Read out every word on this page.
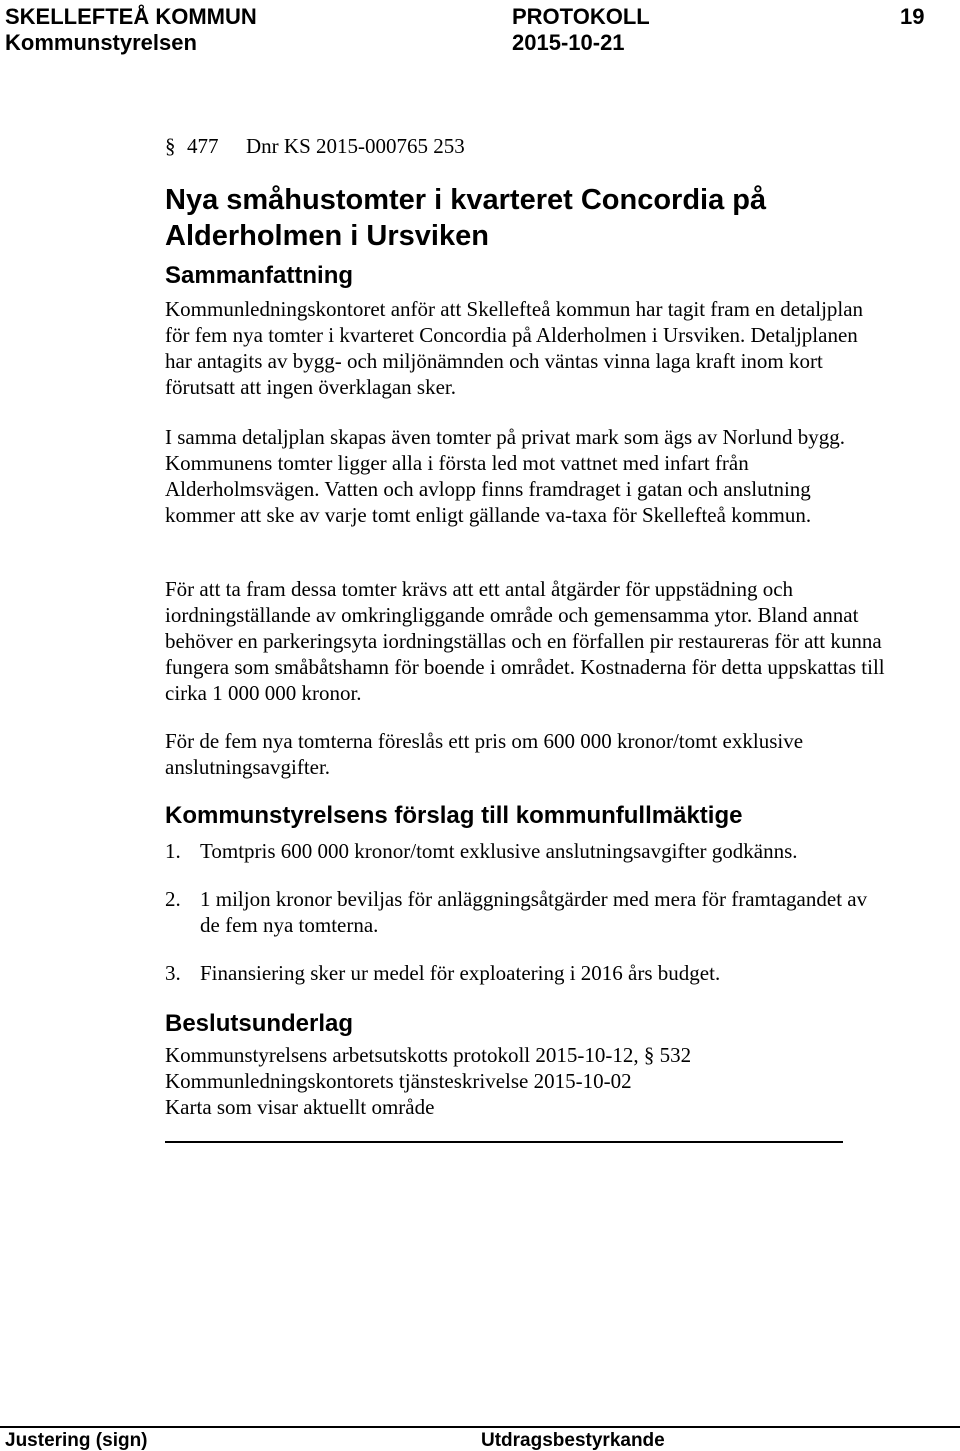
SKELLEFTEÅ KOMMUN
Kommunstyrelsen
PROTOKOLL
2015-10-21
19
§ 477 Dnr KS 2015-000765 253
Nya småhustomter i kvarteret Concordia på Alderholmen i Ursviken
Sammanfattning

Kommunledningskontoret anför att Skellefteå kommun har tagit fram en detaljplan för fem nya tomter i kvarteret Concordia på Alderholmen i Ursviken. Detaljplanen har antagits av bygg- och miljönämnden och väntas vinna laga kraft inom kort förutsatt att ingen överklagan sker.

I samma detaljplan skapas även tomter på privat mark som ägs av Norlund bygg. Kommunens tomter ligger alla i första led mot vattnet med infart från Alderholmsvägen. Vatten och avlopp finns framdraget i gatan och anslutning kommer att ske av varje tomt enligt gällande va-taxa för Skellefteå kommun.

För att ta fram dessa tomter krävs att ett antal åtgärder för uppstädning och iordningställande av omkringliggande område och gemensamma ytor. Bland annat behöver en parkeringsyta iordningställas och en förfallen pir restaureras för att kunna fungera som småbåtshamn för boende i området. Kostnaderna för detta uppskattas till cirka 1 000 000 kronor.

För de fem nya tomterna föreslås ett pris om 600 000 kronor/tomt exklusive anslutningsavgifter.

Kommunstyrelsens förslag till kommunfullmäktige
1. Tomtpris 600 000 kronor/tomt exklusive anslutningsavgifter godkänns.
2. 1 miljon kronor beviljas för anläggningsåtgärder med mera för framtagandet av de fem nya tomterna.
3. Finansiering sker ur medel för exploatering i 2016 års budget.
Beslutsunderlag
Kommunstyrelsens arbetsutskotts protokoll 2015-10-12, § 532
Kommunledningskontorets tjänsteskrivelse 2015-10-02
Karta som visar aktuellt område
Justering (sign)	Utdragsbestyrkande
